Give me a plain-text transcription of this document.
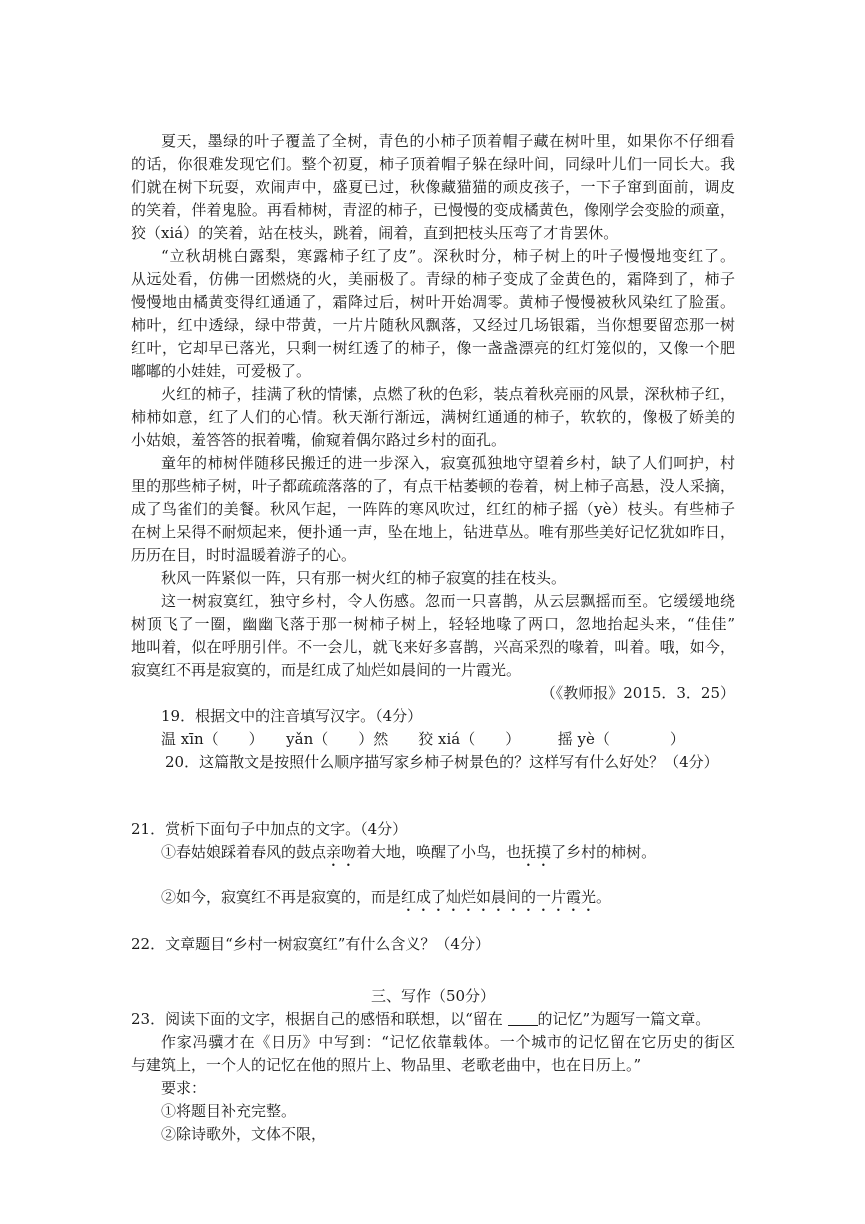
夏天，墨绿的叶子覆盖了全树，青色的小柿子顶着帽子藏在树叶里，如果你不仔细看
的话，你很难发现它们。整个初夏，柿子顶着帽子躲在绿叶间，同绿叶儿们一同长大。我
们就在树下玩耍，欢闹声中，盛夏已过，秋像藏猫猫的顽皮孩子，一下子窜到面前，调皮
的笑着，伴着鬼脸。再看柿树，青涩的柿子，已慢慢的变成橘黄色，像刚学会变脸的顽童，
狡（xiá）的笑着，站在枝头，跳着，闹着，直到把枝头压弯了才肯罢休。
“立秋胡桃白露梨，寒露柿子红了皮”。深秋时分，柿子树上的叶子慢慢地变红了。
从远处看，仿佛一团燃烧的火，美丽极了。青绿的柿子变成了金黄色的，霜降到了，柿子
慢慢地由橘黄变得红通通了，霜降过后，树叶开始凋零。黄柿子慢慢被秋风染红了脸蛋。
柿叶，红中透绿，绿中带黄，一片片随秋风飘落，又经过几场银霜，当你想要留恋那一树
红叶，它却早已落光，只剩一树红透了的柿子，像一盏盏漂亮的红灯笼似的，又像一个肥
嘟嘟的小娃娃，可爱极了。
火红的柿子，挂满了秋的情愫，点燃了秋的色彩，装点着秋亮丽的风景，深秋柿子红，
柿柿如意，红了人们的心情。秋天渐行渐远，满树红通通的柿子，软软的，像极了娇美的
小姑娘，羞答答的抿着嘴，偷窥着偶尔路过乡村的面孔。
童年的柿树伴随移民搬迁的进一步深入，寂寞孤独地守望着乡村，缺了人们呵护，村
里的那些柿子树，叶子都疏疏落落的了，有点干枯萎顿的卷着，树上柿子高悬，没人采摘，
成了鸟雀们的美餐。秋风乍起，一阵阵的寒风吹过，红红的柿子摇（yè）枝头。有些柿子
在树上呆得不耐烦起来，便扑通一声，坠在地上，钻进草丛。唯有那些美好记忆犹如昨日，
历历在目，时时温暖着游子的心。
秋风一阵紧似一阵，只有那一树火红的柿子寂寞的挂在枝头。
这一树寂寞红，独守乡村，令人伤感。忽而一只喜鹊，从云层飘摇而至。它缓缓地绕
树顶飞了一圈，幽幽飞落于那一树柿子树上，轻轻地喙了两口，忽地抬起头来，“佳佳”
地叫着，似在呼朋引伴。不一会儿，就飞来好多喜鹊，兴高采烈的喙着，叫着。哦，如今，
寂寞红不再是寂寞的，而是红成了灿烂如晨间的一片霞光。
（《教师报》2015．3．25）
19．根据文中的注音填写汉字。（4分）
温 xīn（　　）　　yǎn（　　）然　　狡 xiá（　　）　　　摇 yè（　　　　）
20．这篇散文是按照什么顺序描写家乡柿子树景色的？这样写有什么好处？（4分）
21．赏析下面句子中加点的文字。（4分）
①春姑娘踩着春风的鼓点亲吻着大地，唤醒了小鸟，也抚摸了乡村的柿树。
②如今，寂寞红不再是寂寞的，而是红成了灿烂如晨间的一片霞光。
22．文章题目“乡村一树寂寞红”有什么含义？（4分）
三、写作（50分）
23．阅读下面的文字，根据自己的感悟和联想，以“留在 的记忆”为题写一篇文章。
作家冯骥才在《日历》中写到：“记忆依靠载体。一个城市的记忆留在它历史的街区
与建筑上，一个人的记忆在他的照片上、物品里、老歌老曲中，也在日历上。”
要求：
①将题目补充完整。
②除诗歌外，文体不限，
